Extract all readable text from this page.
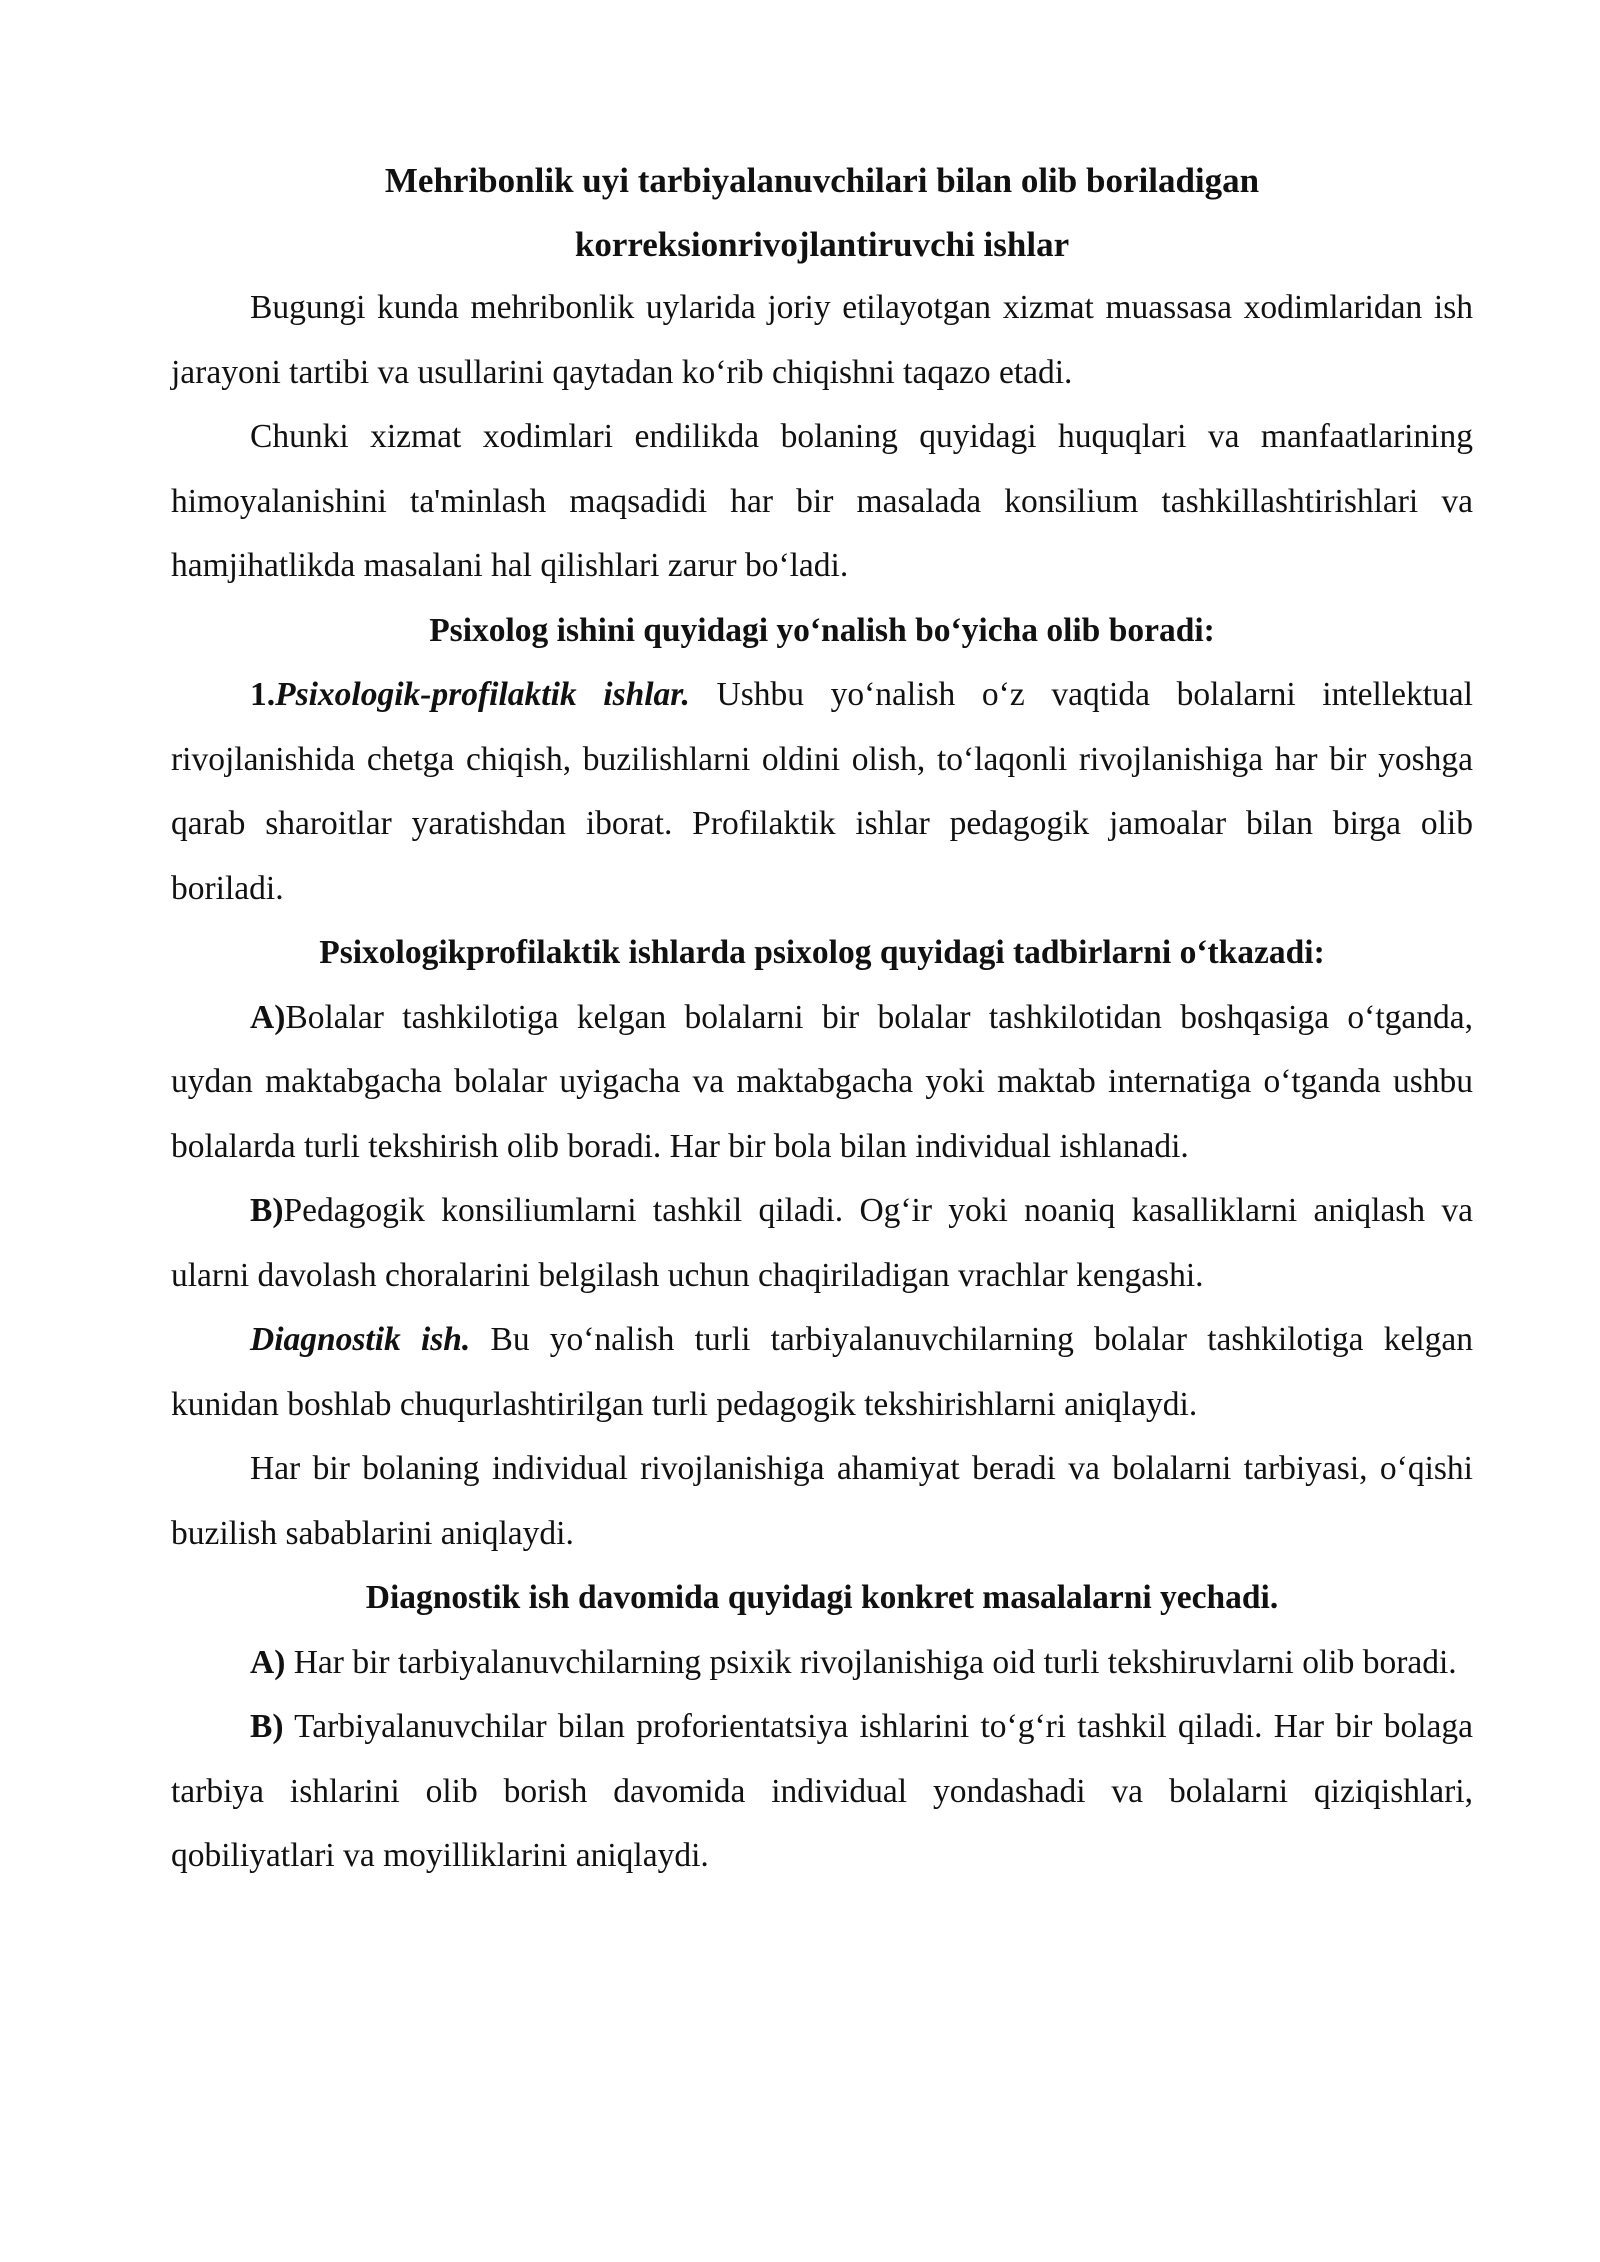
Mehribonlik uyi tarbiyalanuvchilari bilan olib boriladigan

korreksionrivojlantiruvchi ishlar

Bugungi kunda mehribonlik uylarida joriy etilayotgan xizmat muassasa xodimlaridan ish jarayoni tartibi va usullarini qaytadan ko‘rib chiqishni taqazo etadi.

Chunki xizmat xodimlari endilikda bolaning quyidagi huquqlari va manfaatlarining himoyalanishini ta'minlash maqsadidi har bir masalada konsilium tashkillashtirishlari va hamjihatlikda masalani hal qilishlari zarur bo‘ladi.

Psixolog ishini quyidagi yo‘nalish bo‘yicha olib boradi:

1.Psixologik-profilaktik ishlar. Ushbu yo‘nalish o‘z vaqtida bolalarni intellektual rivojlanishida chetga chiqish, buzilishlarni oldini olish, to‘laqonli rivojlanishiga har bir yoshga qarab sharoitlar yaratishdan iborat. Profilaktik ishlar pedagogik jamoalar bilan birga olib boriladi.

Psixologikprofilaktik ishlarda psixolog quyidagi tadbirlarni o‘tkazadi:

A)Bolalar tashkilotiga kelgan bolalarni bir bolalar tashkilotidan boshqasiga o‘tganda, uydan maktabgacha bolalar uyigacha va maktabgacha yoki maktab internatiga o‘tganda ushbu bolalarda turli tekshirish olib boradi. Har bir bola bilan individual ishlanadi.

B)Pedagogik konsiliumlarni tashkil qiladi. Og‘ir yoki noaniq kasalliklarni aniqlash va ularni davolash choralarini belgilash uchun chaqiriladigan vrachlar kengashi.

Diagnostik ish. Bu yo‘nalish turli tarbiyalanuvchilarning bolalar tashkilotiga kelgan kunidan boshlab chuqurlashtirilgan turli pedagogik tekshirishlarni aniqlaydi.

Har bir bolaning individual rivojlanishiga ahamiyat beradi va bolalarni tarbiyasi, o‘qishi buzilish sabablarini aniqlaydi.

Diagnostik ish davomida quyidagi konkret masalalarni yechadi.

A) Har bir tarbiyalanuvchilarning psixik rivojlanishiga oid turli tekshiruvlarni olib boradi.

B) Tarbiyalanuvchilar bilan proforientatsiya ishlarini to‘g‘ri tashkil qiladi. Har bir bolaga tarbiya ishlarini olib borish davomida individual yondashadi va bolalarni qiziqishlari, qobiliyatlari va moyilliklarini aniqlaydi.
